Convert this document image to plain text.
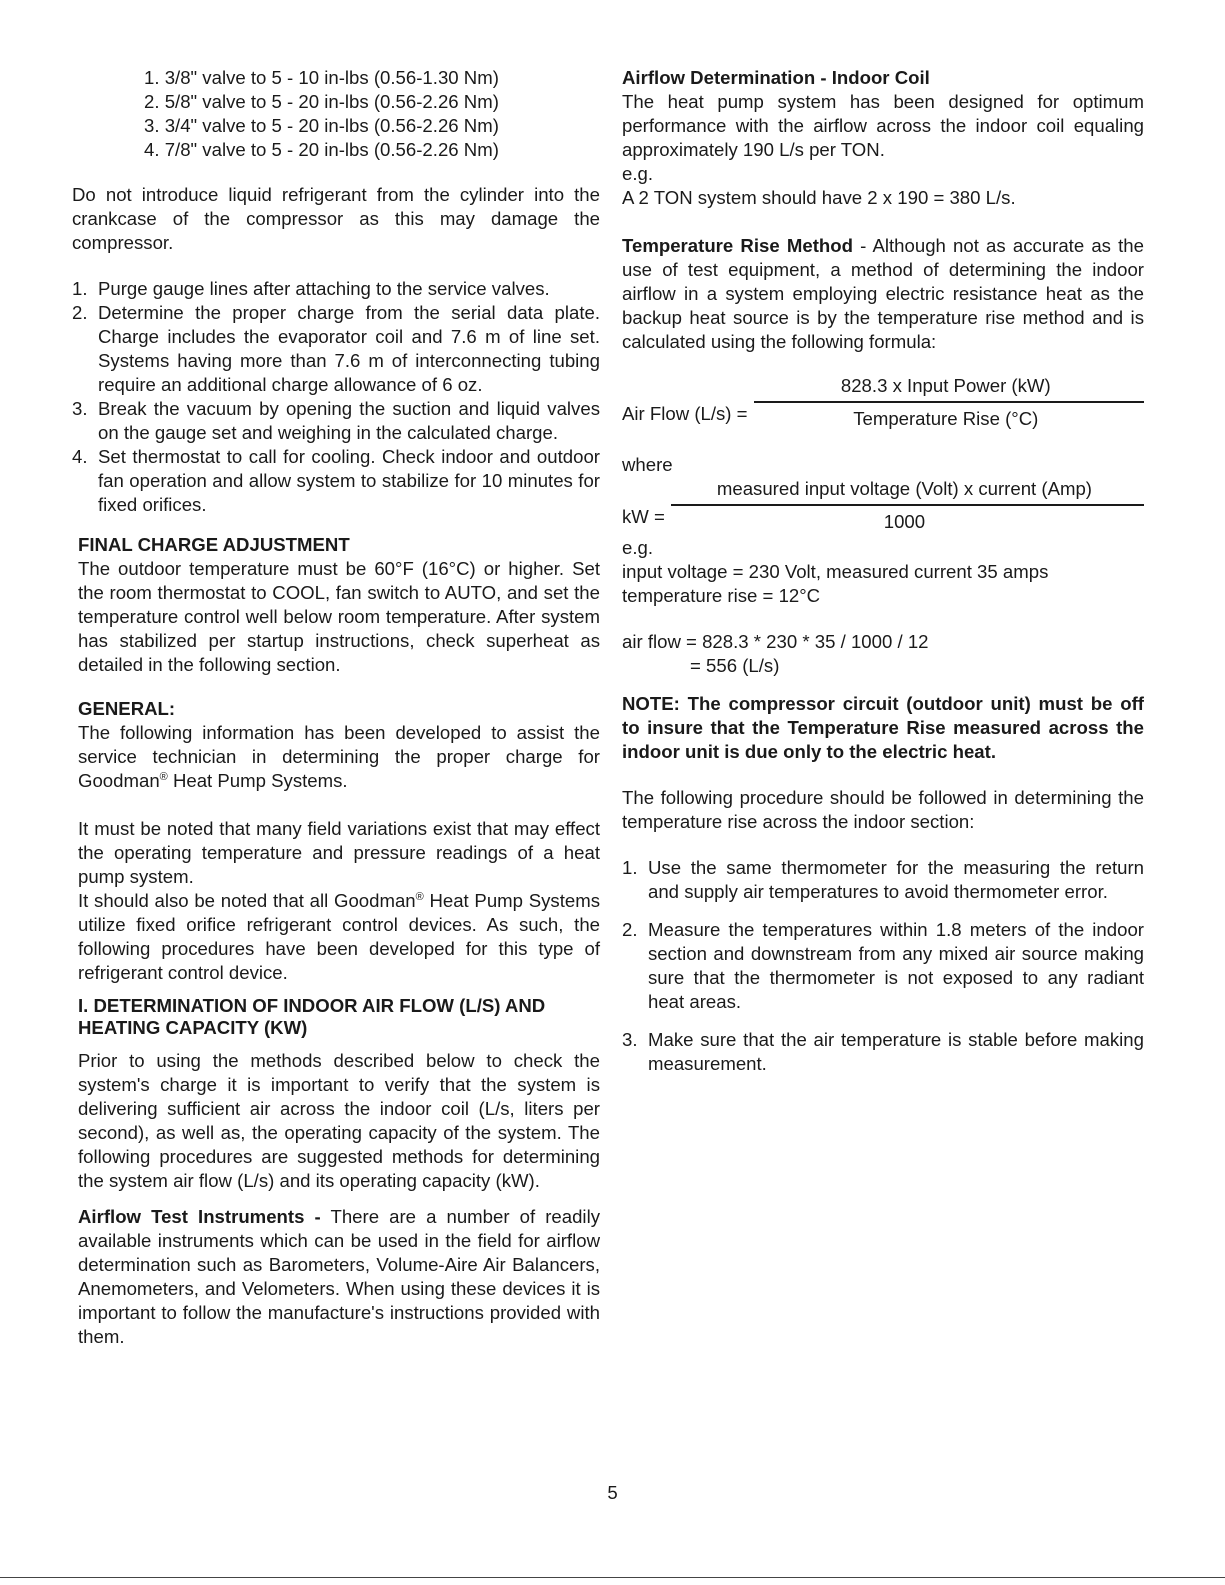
1. 3/8" valve to 5 - 10 in-lbs (0.56-1.30 Nm)
2. 5/8" valve to 5 - 20 in-lbs (0.56-2.26 Nm)
3. 3/4" valve to 5 - 20 in-lbs (0.56-2.26 Nm)
4. 7/8" valve to 5 - 20 in-lbs (0.56-2.26 Nm)

Do not introduce liquid refrigerant from the cylinder into the crankcase of the compressor as this may damage the compressor.

1. Purge gauge lines after attaching to the service valves.
2. Determine the proper charge from the serial data plate. Charge includes the evaporator coil and 7.6 m of line set. Systems having more than 7.6 m of interconnecting tubing require an additional charge allowance of 6 oz.
3. Break the vacuum by opening the suction and liquid valves on the gauge set and weighing in the calculated charge.
4. Set thermostat to call for cooling. Check indoor and outdoor fan operation and allow system to stabilize for 10 minutes for fixed orifices.

FINAL CHARGE ADJUSTMENT

The outdoor temperature must be 60°F (16°C) or higher. Set the room thermostat to COOL, fan switch to AUTO, and set the temperature control well below room temperature. After system has stabilized per startup instructions, check superheat as detailed in the following section.

GENERAL:

The following information has been developed to assist the service technician in determining the proper charge for Goodman® Heat Pump Systems.

It must be noted that many field variations exist that may effect the operating temperature and pressure readings of a heat pump system.

It should also be noted that all Goodman® Heat Pump Systems utilize fixed orifice refrigerant control devices. As such, the following procedures have been developed for this type of refrigerant control device.

I. DETERMINATION OF INDOOR AIR FLOW (L/S) AND HEATING CAPACITY (KW)

Prior to using the methods described below to check the system's charge it is important to verify that the system is delivering sufficient air across the indoor coil (L/s, liters per second), as well as, the operating capacity of the system. The following procedures are suggested methods for determining the system air flow (L/s) and its operating capacity (kW).

Airflow Test Instruments - There are a number of readily available instruments which can be used in the field for airflow determination such as Barometers, Volume-Aire Air Balancers, Anemometers, and Velometers. When using these devices it is important to follow the manufacture's instructions provided with them.

Airflow Determination - Indoor Coil

The heat pump system has been designed for optimum performance with the airflow across the indoor coil equaling approximately 190 L/s per TON.

e.g.

A 2 TON system should have 2 x 190 = 380 L/s.

Temperature Rise Method - Although not as accurate as the use of test equipment, a method of determining the indoor airflow in a system employing electric resistance heat as the backup heat source is by the temperature rise method and is calculated using the following formula:

Air Flow (L/s) =
828.3 x Input Power (kW)
Temperature Rise (°C)

where

kW =
measured input voltage (Volt) x current (Amp)
1000

e.g.

input voltage = 230 Volt, measured current 35 amps

temperature rise = 12°C

air flow = 828.3 * 230 * 35 / 1000 / 12

= 556 (L/s)

NOTE: The compressor circuit (outdoor unit) must be off to insure that the Temperature Rise measured across the indoor unit is due only to the electric heat.

The following procedure should be followed in determining the temperature rise across the indoor section:

1. Use the same thermometer for the measuring the return and supply air temperatures to avoid thermometer error.
2. Measure the temperatures within 1.8 meters of the indoor section and downstream from any mixed air source making sure that the thermometer is not exposed to any radiant heat areas.
3. Make sure that the air temperature is stable before making measurement.
5
